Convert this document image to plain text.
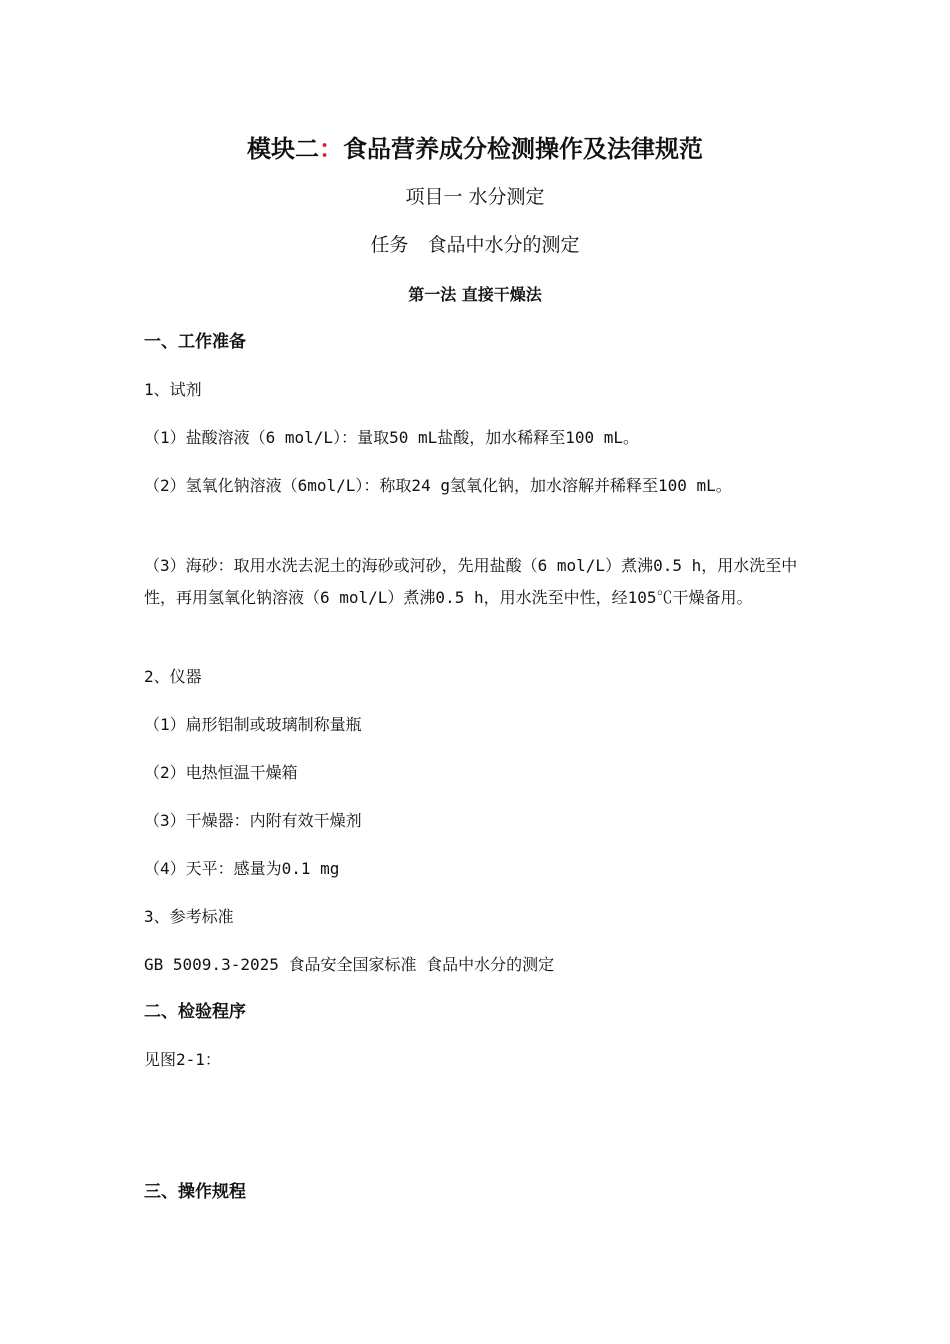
模块二：食品营养成分检测操作及法律规范
项目一 水分测定
任务　食品中水分的测定
第一法 直接干燥法
一、工作准备
1、试剂
（1）盐酸溶液（6 mol/L）：量取50 mL盐酸，加水稀释至100 mL。
（2）氢氧化钠溶液（6mol/L）：称取24 g氢氧化钠，加水溶解并稀释至100 mL。
（3）海砂：取用水洗去泥土的海砂或河砂，先用盐酸（6 mol/L）煮沸0.5 h，用水洗至中性，再用氢氧化钠溶液（6 mol/L）煮沸0.5 h，用水洗至中性，经105℃干燥备用。
2、仪器
（1）扁形铝制或玻璃制称量瓶
（2）电热恒温干燥箱
（3）干燥器：内附有效干燥剂
（4）天平：感量为0.1 mg
3、参考标准
GB 5009.3-2025 食品安全国家标准 食品中水分的测定
二、检验程序
见图2-1：
三、操作规程
